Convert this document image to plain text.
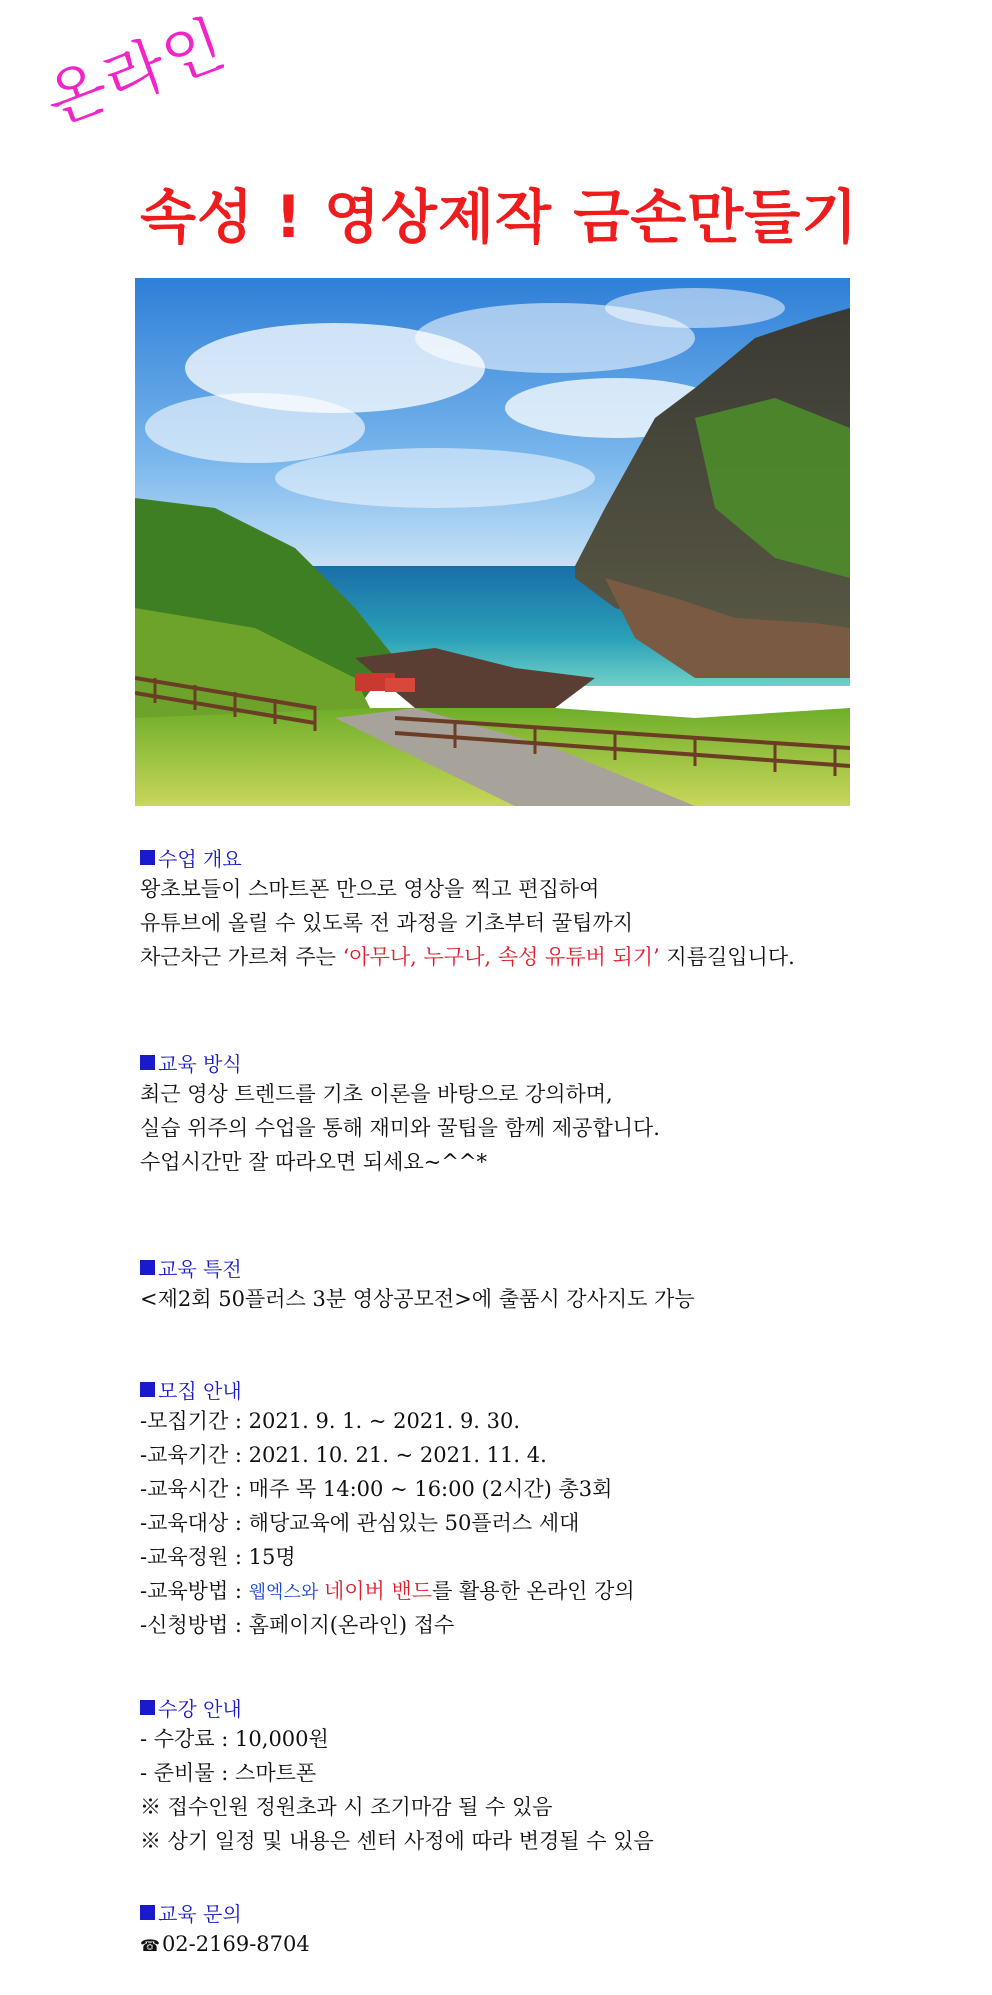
온라인
속성 ! 영상제작 금손만들기
수업 개요
왕초보들이 스마트폰 만으로 영상을 찍고 편집하여
유튜브에 올릴 수 있도록 전 과정을 기초부터 꿀팁까지
차근차근 가르쳐 주는 ‘아무나, 누구나, 속성 유튜버 되기’ 지름길입니다.
교육 방식
최근 영상 트렌드를 기초 이론을 바탕으로 강의하며,
실습 위주의 수업을 통해 재미와 꿀팁을 함께 제공합니다.
수업시간만 잘 따라오면 되세요~^^*
교육 특전
<제2회 50플러스 3분 영상공모전>에 출품시 강사지도 가능
모집 안내
-모집기간 : 2021. 9. 1. ~ 2021. 9. 30.
-교육기간 : 2021. 10. 21. ~ 2021. 11. 4.
-교육시간 : 매주 목 14:00 ~ 16:00 (2시간) 총3회
-교육대상 : 해당교육에 관심있는 50플러스 세대
-교육정원 : 15명
-교육방법 : 웹엑스와 네이버 밴드를 활용한 온라인 강의
-신청방법 : 홈페이지(온라인) 접수
수강 안내
- 수강료 : 10,000원
- 준비물 : 스마트폰
※ 접수인원 정원초과 시 조기마감 될 수 있음
※ 상기 일정 및 내용은 센터 사정에 따라 변경될 수 있음
교육 문의
☎02-2169-8704
